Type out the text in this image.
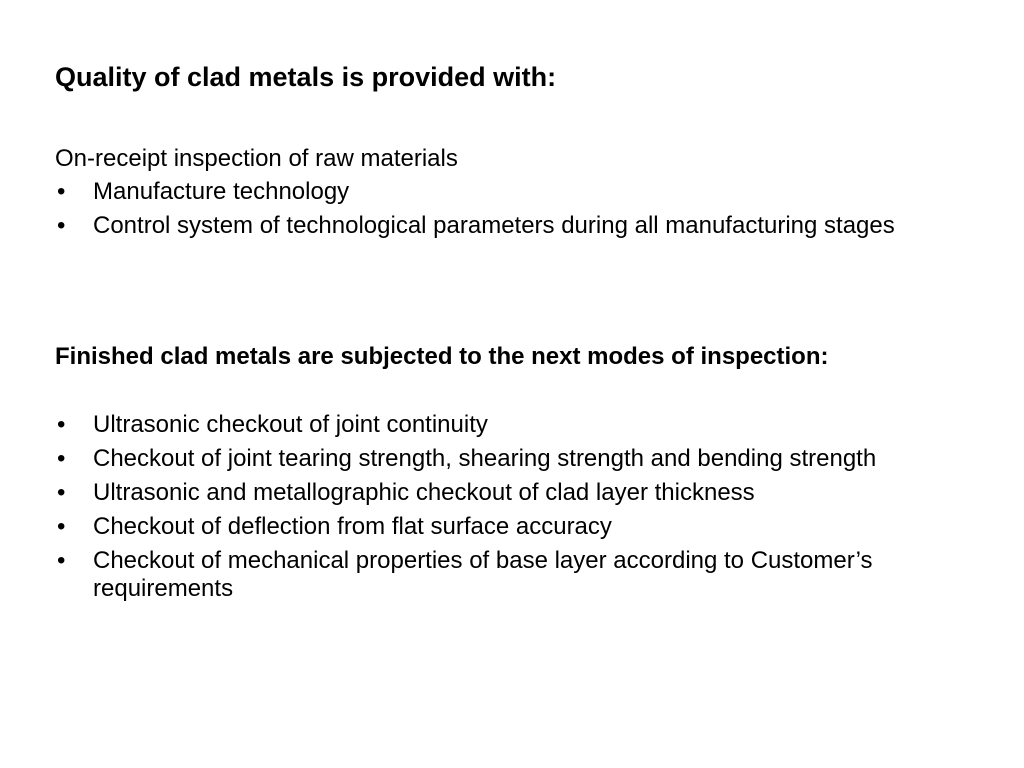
Quality of clad metals is provided with:
On-receipt inspection of raw materials
• Manufacture technology
• Control system of technological parameters during all manufacturing stages
Finished clad metals are subjected to the next modes of inspection:
• Ultrasonic checkout of joint continuity
• Checkout of joint tearing strength, shearing strength and bending strength
• Ultrasonic and metallographic checkout of clad layer thickness
• Checkout of deflection from flat surface accuracy
• Checkout of mechanical properties of base layer according to Customer’s requirements
